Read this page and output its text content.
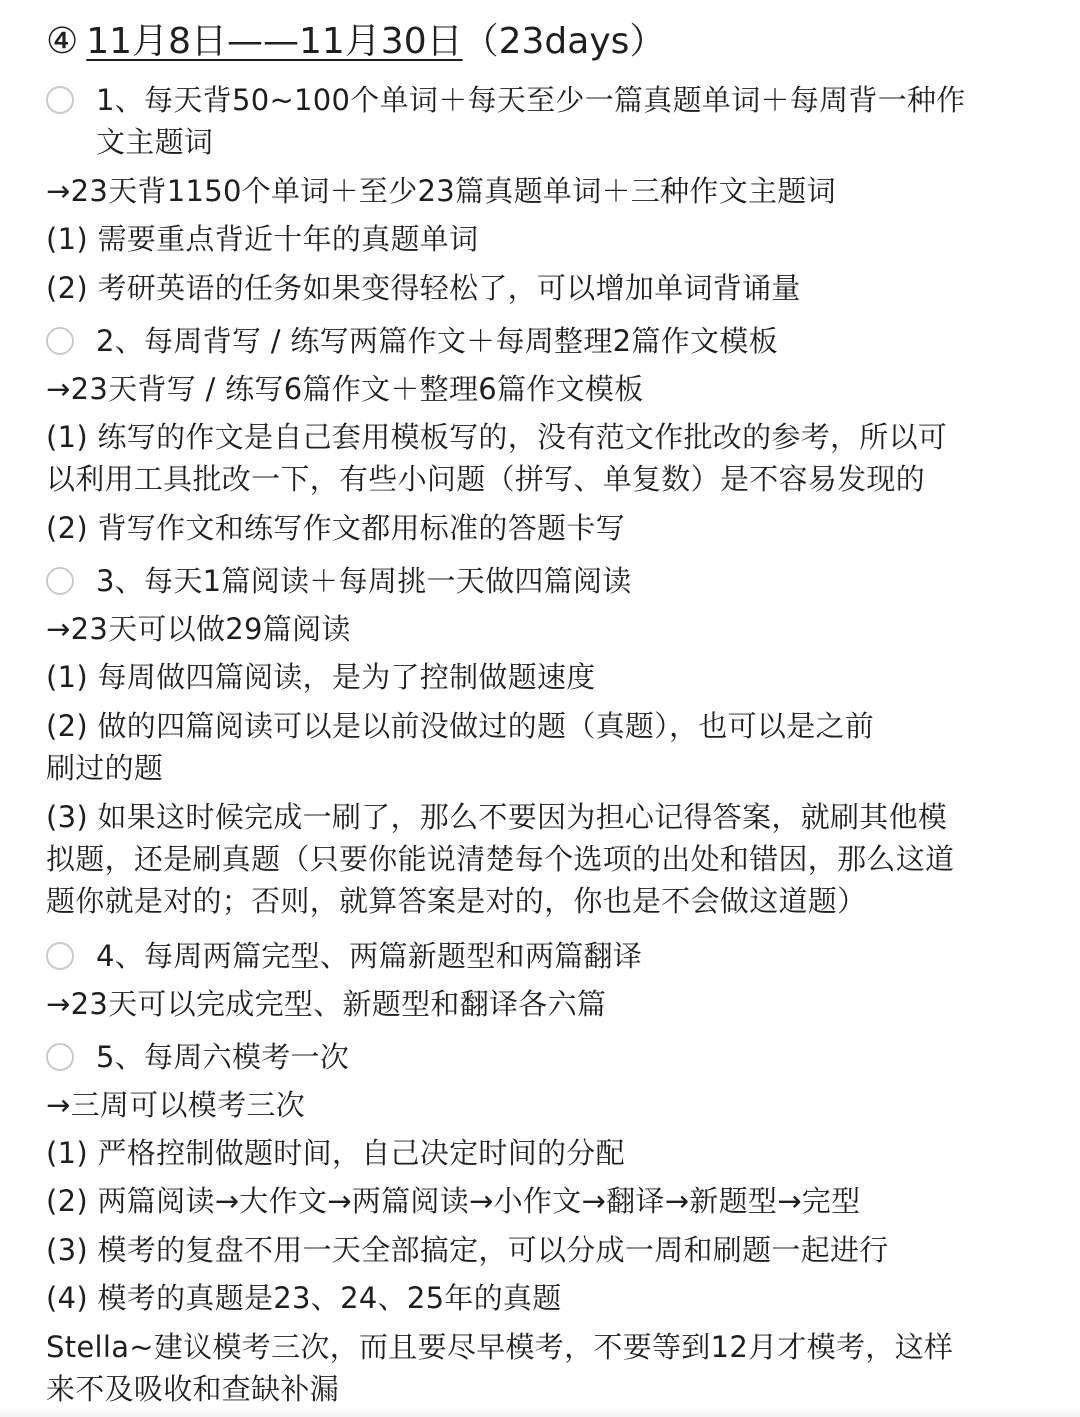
④ 11月8日——11月30日（23days）
1、每天背50~100个单词＋每天至少一篇真题单词＋每周背一种作
文主题词
→23天背1150个单词＋至少23篇真题单词＋三种作文主题词
(1) 需要重点背近十年的真题单词
(2) 考研英语的任务如果变得轻松了，可以增加单词背诵量
2、每周背写 / 练写两篇作文＋每周整理2篇作文模板
→23天背写 / 练写6篇作文＋整理6篇作文模板
(1) 练写的作文是自己套用模板写的，没有范文作批改的参考，所以可
以利用工具批改一下，有些小问题（拼写、单复数）是不容易发现的
(2) 背写作文和练写作文都用标准的答题卡写
3、每天1篇阅读＋每周挑一天做四篇阅读
→23天可以做29篇阅读
(1) 每周做四篇阅读，是为了控制做题速度
(2) 做的四篇阅读可以是以前没做过的题（真题），也可以是之前
刷过的题
(3) 如果这时候完成一刷了，那么不要因为担心记得答案，就刷其他模
拟题，还是刷真题（只要你能说清楚每个选项的出处和错因，那么这道
题你就是对的；否则，就算答案是对的，你也是不会做这道题）
4、每周两篇完型、两篇新题型和两篇翻译
→23天可以完成完型、新题型和翻译各六篇
5、每周六模考一次
→三周可以模考三次
(1) 严格控制做题时间，自己决定时间的分配
(2) 两篇阅读→大作文→两篇阅读→小作文→翻译→新题型→完型
(3) 模考的复盘不用一天全部搞定，可以分成一周和刷题一起进行
(4) 模考的真题是23、24、25年的真题
Stella~建议模考三次，而且要尽早模考，不要等到12月才模考，这样
来不及吸收和查缺补漏
